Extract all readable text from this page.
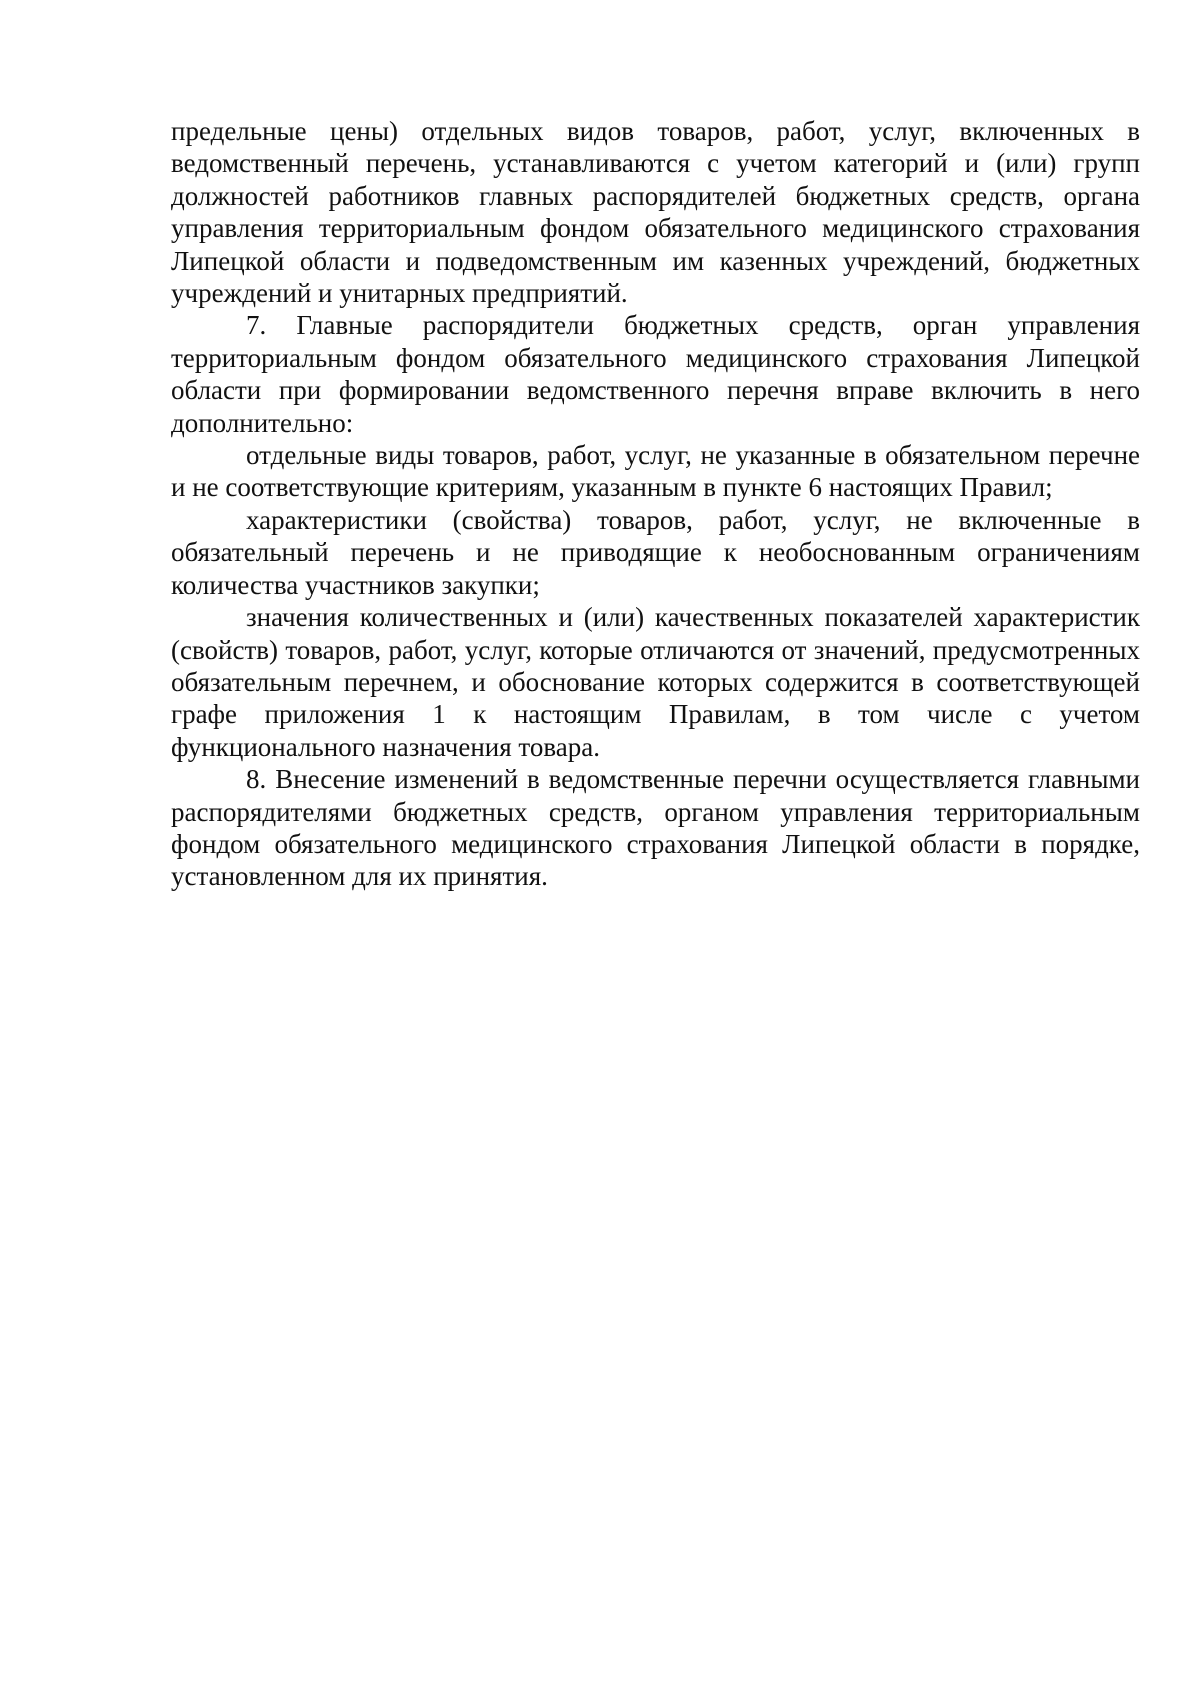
предельные цены) отдельных видов товаров, работ, услуг, включенных в ведомственный перечень, устанавливаются с учетом категорий и (или) групп должностей работников главных распорядителей бюджетных средств, органа управления территориальным фондом обязательного медицинского страхования Липецкой области и подведомственным им казенных учреждений, бюджетных учреждений и унитарных предприятий.

7. Главные распорядители бюджетных средств, орган управления территориальным фондом обязательного медицинского страхования Липецкой области при формировании ведомственного перечня вправе включить в него дополнительно:

отдельные виды товаров, работ, услуг, не указанные в обязательном перечне и не соответствующие критериям, указанным в пункте 6 настоящих Правил;

характеристики (свойства) товаров, работ, услуг, не включенные в обязательный перечень и не приводящие к необоснованным ограничениям количества участников закупки;

значения количественных и (или) качественных показателей характеристик (свойств) товаров, работ, услуг, которые отличаются от значений, предусмотренных обязательным перечнем, и обоснование которых содержится в соответствующей графе приложения 1 к настоящим Правилам, в том числе с учетом функционального назначения товара.

8. Внесение изменений в ведомственные перечни осуществляется главными распорядителями бюджетных средств, органом управления территориальным фондом обязательного медицинского страхования Липецкой области в порядке, установленном для их принятия.
